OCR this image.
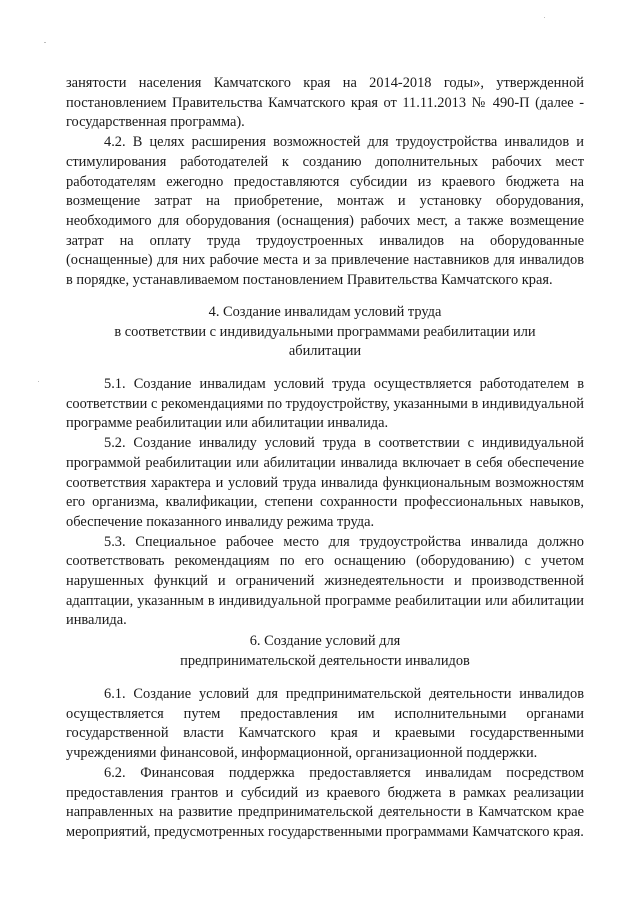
занятости населения Камчатского края на 2014-2018 годы», утвержденной постановлением Правительства Камчатского края от 11.11.2013 № 490-П (далее - государственная программа).

4.2. В целях расширения возможностей для трудоустройства инвалидов и стимулирования работодателей к созданию дополнительных рабочих мест работодателям ежегодно предоставляются субсидии из краевого бюджета на возмещение затрат на приобретение, монтаж и установку оборудования, необходимого для оборудования (оснащения) рабочих мест, а также возмещение затрат на оплату труда трудоустроенных инвалидов на оборудованные (оснащенные) для них рабочие места и за привлечение наставников для инвалидов в порядке, устанавливаемом постановлением Правительства Камчатского края.

4. Создание инвалидам условий труда
в соответствии с индивидуальными программами реабилитации или
абилитации

5.1. Создание инвалидам условий труда осуществляется работодателем в соответствии с рекомендациями по трудоустройству, указанными в индивидуальной программе реабилитации или абилитации инвалида.

5.2. Создание инвалиду условий труда в соответствии с индивидуальной программой реабилитации или абилитации инвалида включает в себя обеспечение соответствия характера и условий труда инвалида функциональным возможностям его организма, квалификации, степени сохранности профессиональных навыков, обеспечение показанного инвалиду режима труда.

5.3. Специальное рабочее место для трудоустройства инвалида должно соответствовать рекомендациям по его оснащению (оборудованию) с учетом нарушенных функций и ограничений жизнедеятельности и производственной адаптации, указанным в индивидуальной программе реабилитации или абилитации инвалида.

6. Создание условий для
предпринимательской деятельности инвалидов

6.1. Создание условий для предпринимательской деятельности инвалидов осуществляется путем предоставления им исполнительными органами государственной власти Камчатского края и краевыми государственными учреждениями финансовой, информационной, организационной поддержки.

6.2. Финансовая поддержка предоставляется инвалидам посредством предоставления грантов и субсидий из краевого бюджета в рамках реализации направленных на развитие предпринимательской деятельности в Камчатском крае мероприятий, предусмотренных государственными программами Камчатского края.
